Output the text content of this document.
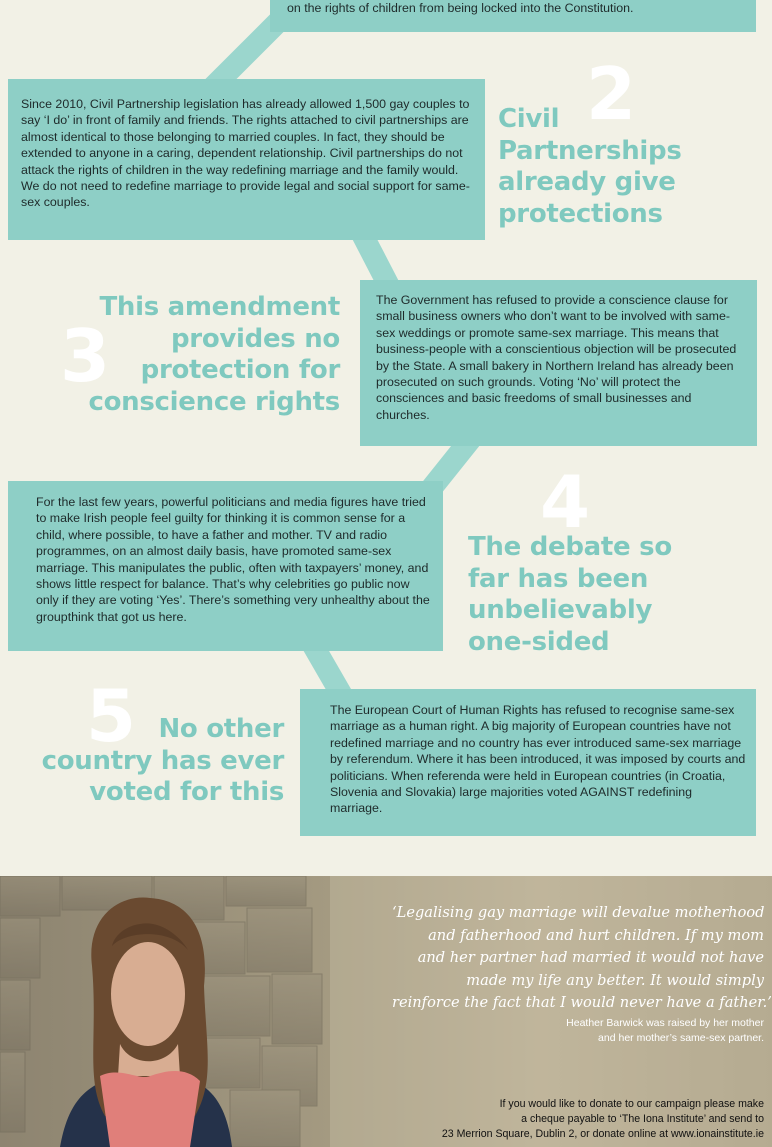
on the rights of children from being locked into the Constitution.

Since 2010, Civil Partnership legislation has already allowed 1,500 gay couples to say ‘I do’ in front of family and friends. The rights attached to civil partnerships are almost identical to those belonging to married couples. In fact, they should be extended to anyone in a caring, dependent relationship. Civil partnerships do not attack the rights of children in the way redefining marriage and the family would. We do not need to redefine marriage to provide legal and social support for same-sex couples.

2
Civil
Partnerships
already give
protections
3
This amendment
provides no
protection for
conscience rights

The Government has refused to provide a conscience clause for small business owners who don’t want to be involved with same-sex weddings or promote same-sex marriage. This means that business-people with a conscientious objection will be prosecuted by the State. A small bakery in Northern Ireland has already been prosecuted on such grounds. Voting ‘No’ will protect the consciences and basic freedoms of small businesses and churches.

For the last few years, powerful politicians and media figures have tried to make Irish people feel guilty for thinking it is common sense for a child, where possible, to have a father and mother. TV and radio programmes, on an almost daily basis, have promoted same-sex marriage. This manipulates the public, often with taxpayers’ money, and shows little respect for balance. That’s why celebrities go public now only if they are voting ‘Yes’. There’s something very unhealthy about the groupthink that got us here.

4
The debate so
far has been
unbelievably
one-sided
5 No other
country has ever
voted for this

The European Court of Human Rights has refused to recognise same-sex marriage as a human right. A big majority of European countries have not redefined marriage and no country has ever introduced same-sex marriage by referendum. Where it has been introduced, it was imposed by courts and politicians. When referenda were held in European countries (in Croatia, Slovenia and Slovakia) large majorities voted AGAINST redefining marriage.

‘Legalising gay marriage will devalue motherhood
and fatherhood and hurt children. If my mom
and her partner had married it would not have
made my life any better. It would simply
reinforce the fact that I would never have a father.’
Heather Barwick was raised by her mother
and her mother’s same-sex partner.
If you would like to donate to our campaign please make
a cheque payable to ‘The Iona Institute’ and send to
23 Merrion Square, Dublin 2, or donate online at www.ionainstitute.ie
